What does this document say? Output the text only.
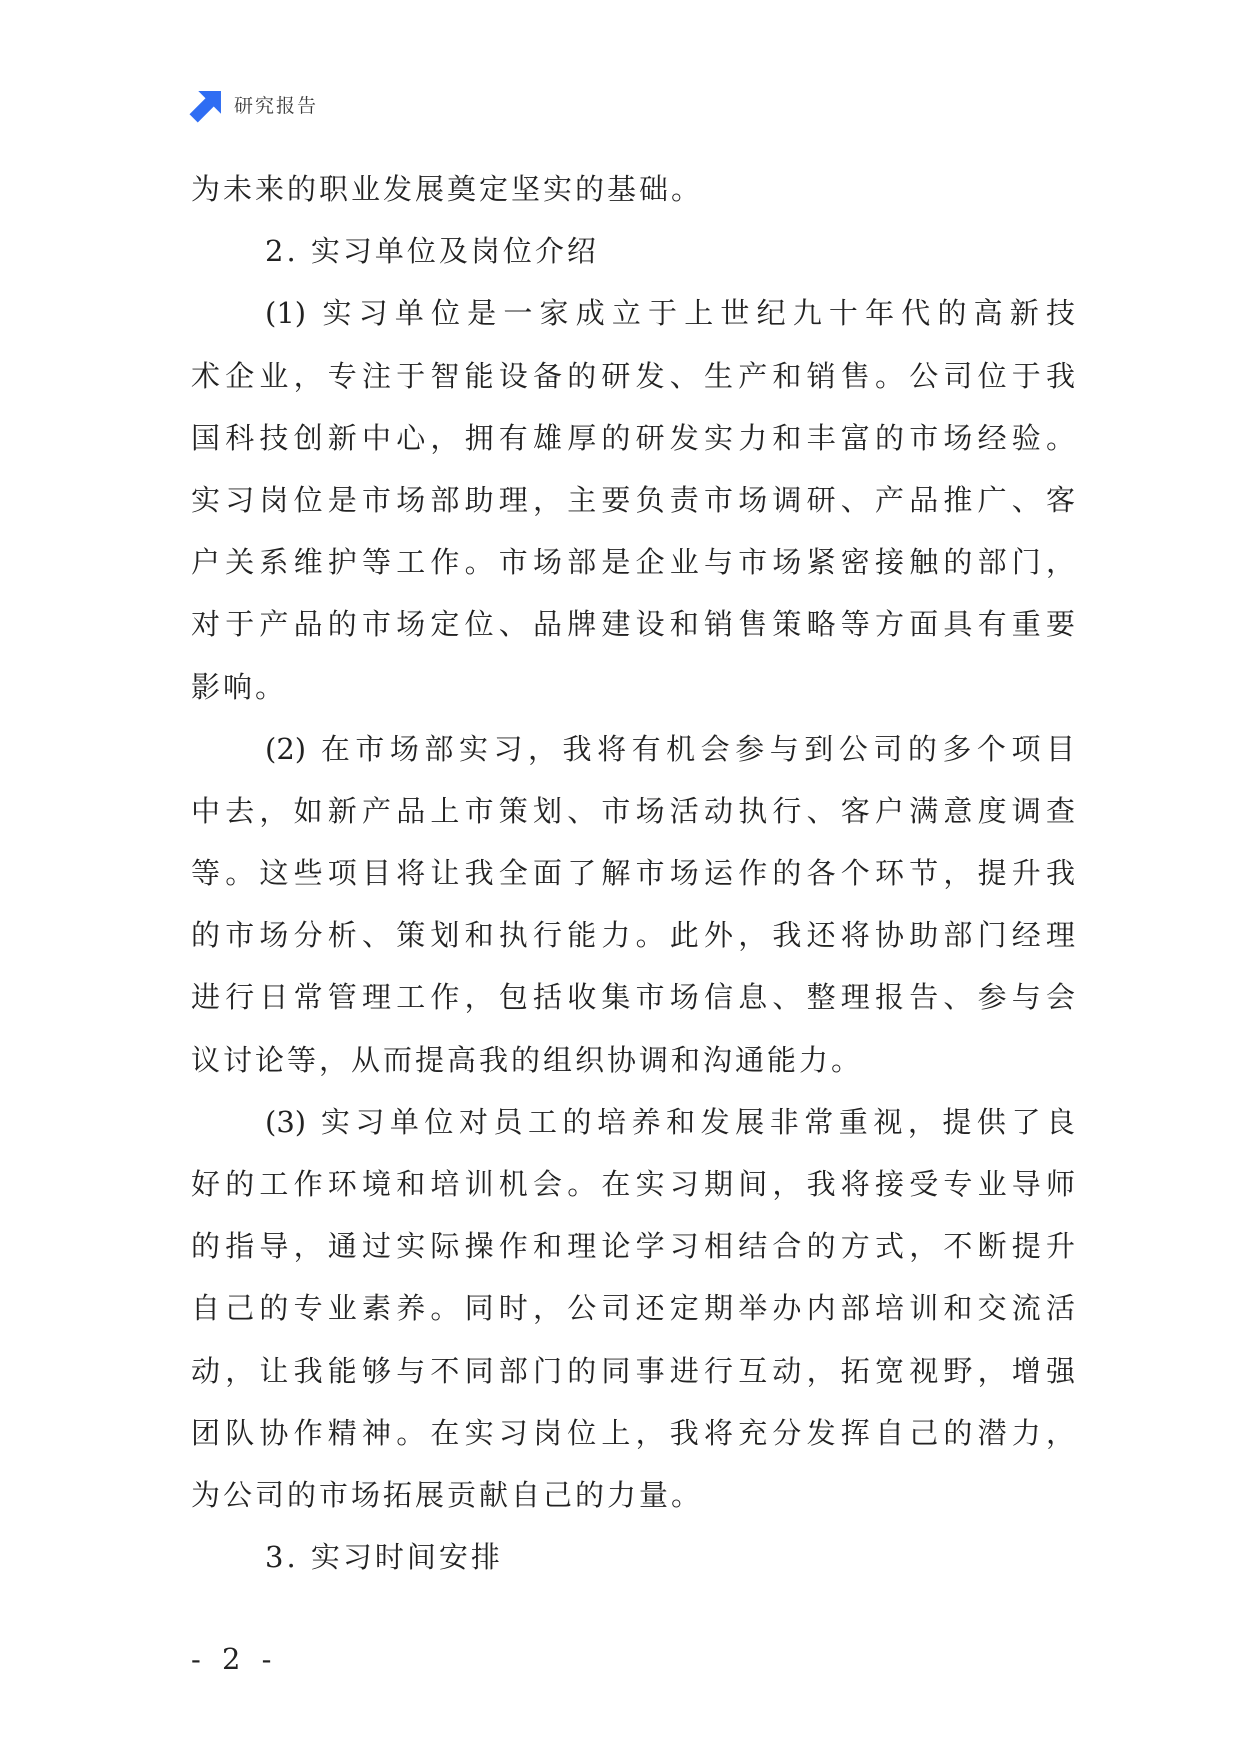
研究报告
为未来的职业发展奠定坚实的基础。
2. 实习单位及岗位介绍
(1) 实习单位是一家成立于上世纪九十年代的高新技
术企业，专注于智能设备的研发、生产和销售。公司位于我
国科技创新中心，拥有雄厚的研发实力和丰富的市场经验。
实习岗位是市场部助理，主要负责市场调研、产品推广、客
户关系维护等工作。市场部是企业与市场紧密接触的部门，
对于产品的市场定位、品牌建设和销售策略等方面具有重要
影响。
(2) 在市场部实习，我将有机会参与到公司的多个项目
中去，如新产品上市策划、市场活动执行、客户满意度调查
等。这些项目将让我全面了解市场运作的各个环节，提升我
的市场分析、策划和执行能力。此外，我还将协助部门经理
进行日常管理工作，包括收集市场信息、整理报告、参与会
议讨论等，从而提高我的组织协调和沟通能力。
(3) 实习单位对员工的培养和发展非常重视，提供了良
好的工作环境和培训机会。在实习期间，我将接受专业导师
的指导，通过实际操作和理论学习相结合的方式，不断提升
自己的专业素养。同时，公司还定期举办内部培训和交流活
动，让我能够与不同部门的同事进行互动，拓宽视野，增强
团队协作精神。在实习岗位上，我将充分发挥自己的潜力，
为公司的市场拓展贡献自己的力量。
3. 实习时间安排
- 2 -
